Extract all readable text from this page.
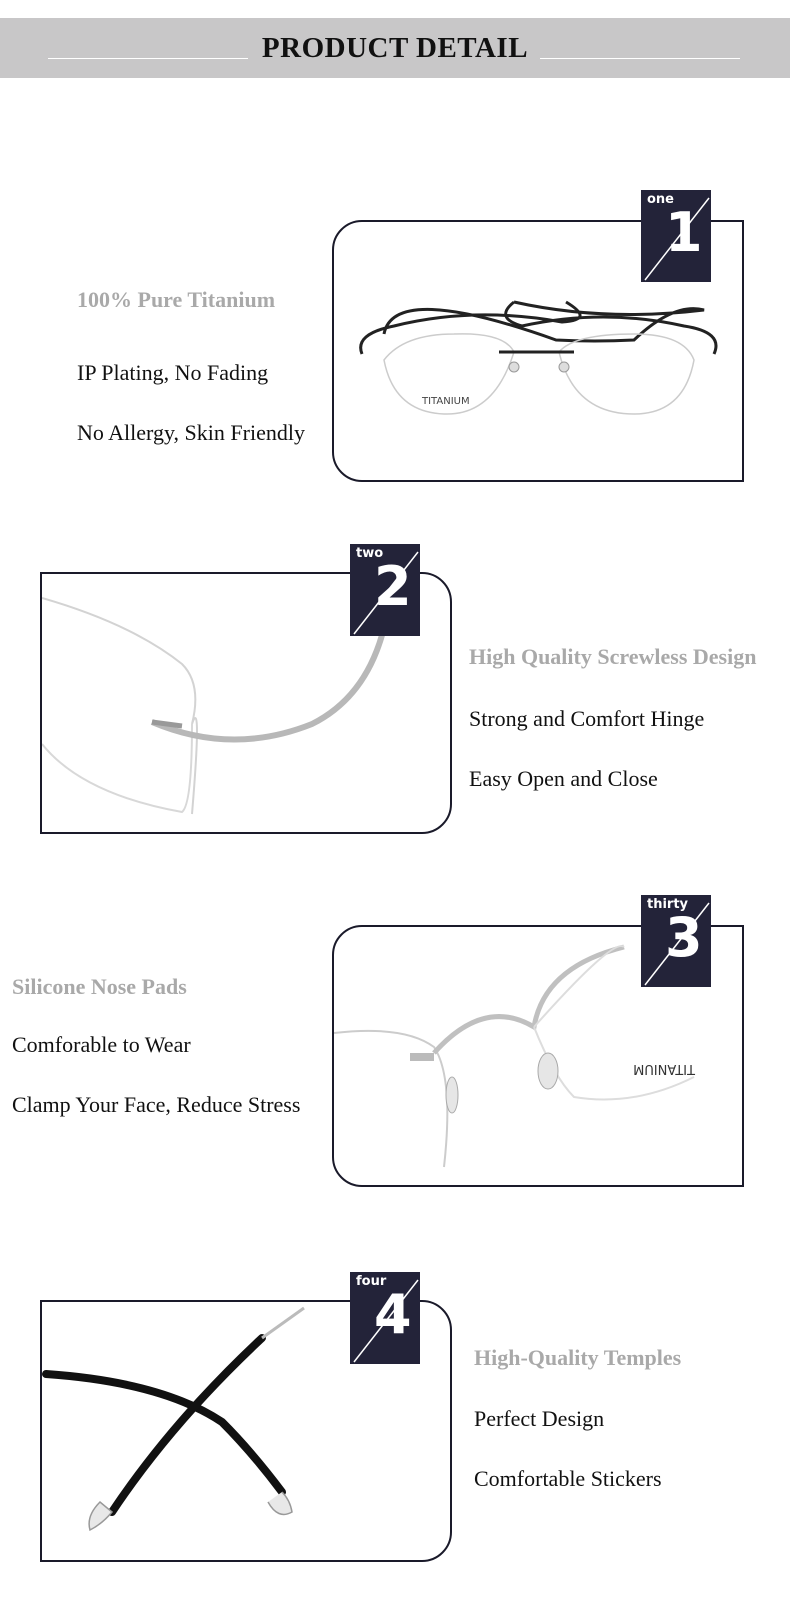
PRODUCT DETAIL
100% Pure Titanium
IP Plating, No Fading
No Allergy, Skin Friendly
TITANIUM
one
1
two
2
High Quality Screwless Design
Strong and Comfort Hinge
Easy Open and Close
Silicone Nose Pads
Comforable to Wear
Clamp Your Face, Reduce Stress
TITANIUM
thirty
3
four
4
High-Quality Temples
Perfect Design
Comfortable Stickers
